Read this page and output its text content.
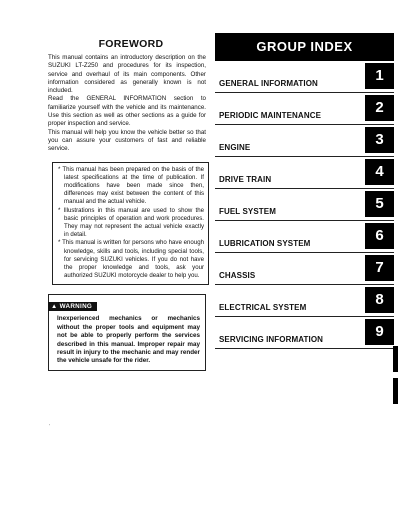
FOREWORD

This manual contains an introductory description on the SUZUKI LT-Z250 and procedures for its inspection, service and overhaul of its main components. Other information considered as generally known is not included.

Read the GENERAL INFORMATION section to familiarize yourself with the vehicle and its maintenance. Use this section as well as other sections as a guide for proper inspection and service.

This manual will help you know the vehicle better so that you can assure your customers of fast and reliable service.

* This manual has been prepared on the basis of the latest specifications at the time of publication. If modifications have been made since then, differences may exist between the content of this manual and the actual vehicle.

* Illustrations in this manual are used to show the basic principles of operation and work procedures. They may not represent the actual vehicle exactly in detail.

* This manual is written for persons who have enough knowledge, skills and tools, including special tools, for servicing SUZUKI vehicles. If you do not have the proper knowledge and tools, ask your authorized SUZUKI motorcycle dealer to help you.

▲ WARNING

Inexperienced mechanics or mechanics without the proper tools and equipment may not be able to properly perform the services described in this manual. Improper repair may result in injury to the mechanic and may render the vehicle unsafe for the rider.

'
GROUP INDEX
GENERAL INFORMATION	1
PERIODIC MAINTENANCE	2
ENGINE	3
DRIVE TRAIN	4
FUEL SYSTEM	5
LUBRICATION SYSTEM	6
CHASSIS	7
ELECTRICAL SYSTEM	8
SERVICING INFORMATION	9
